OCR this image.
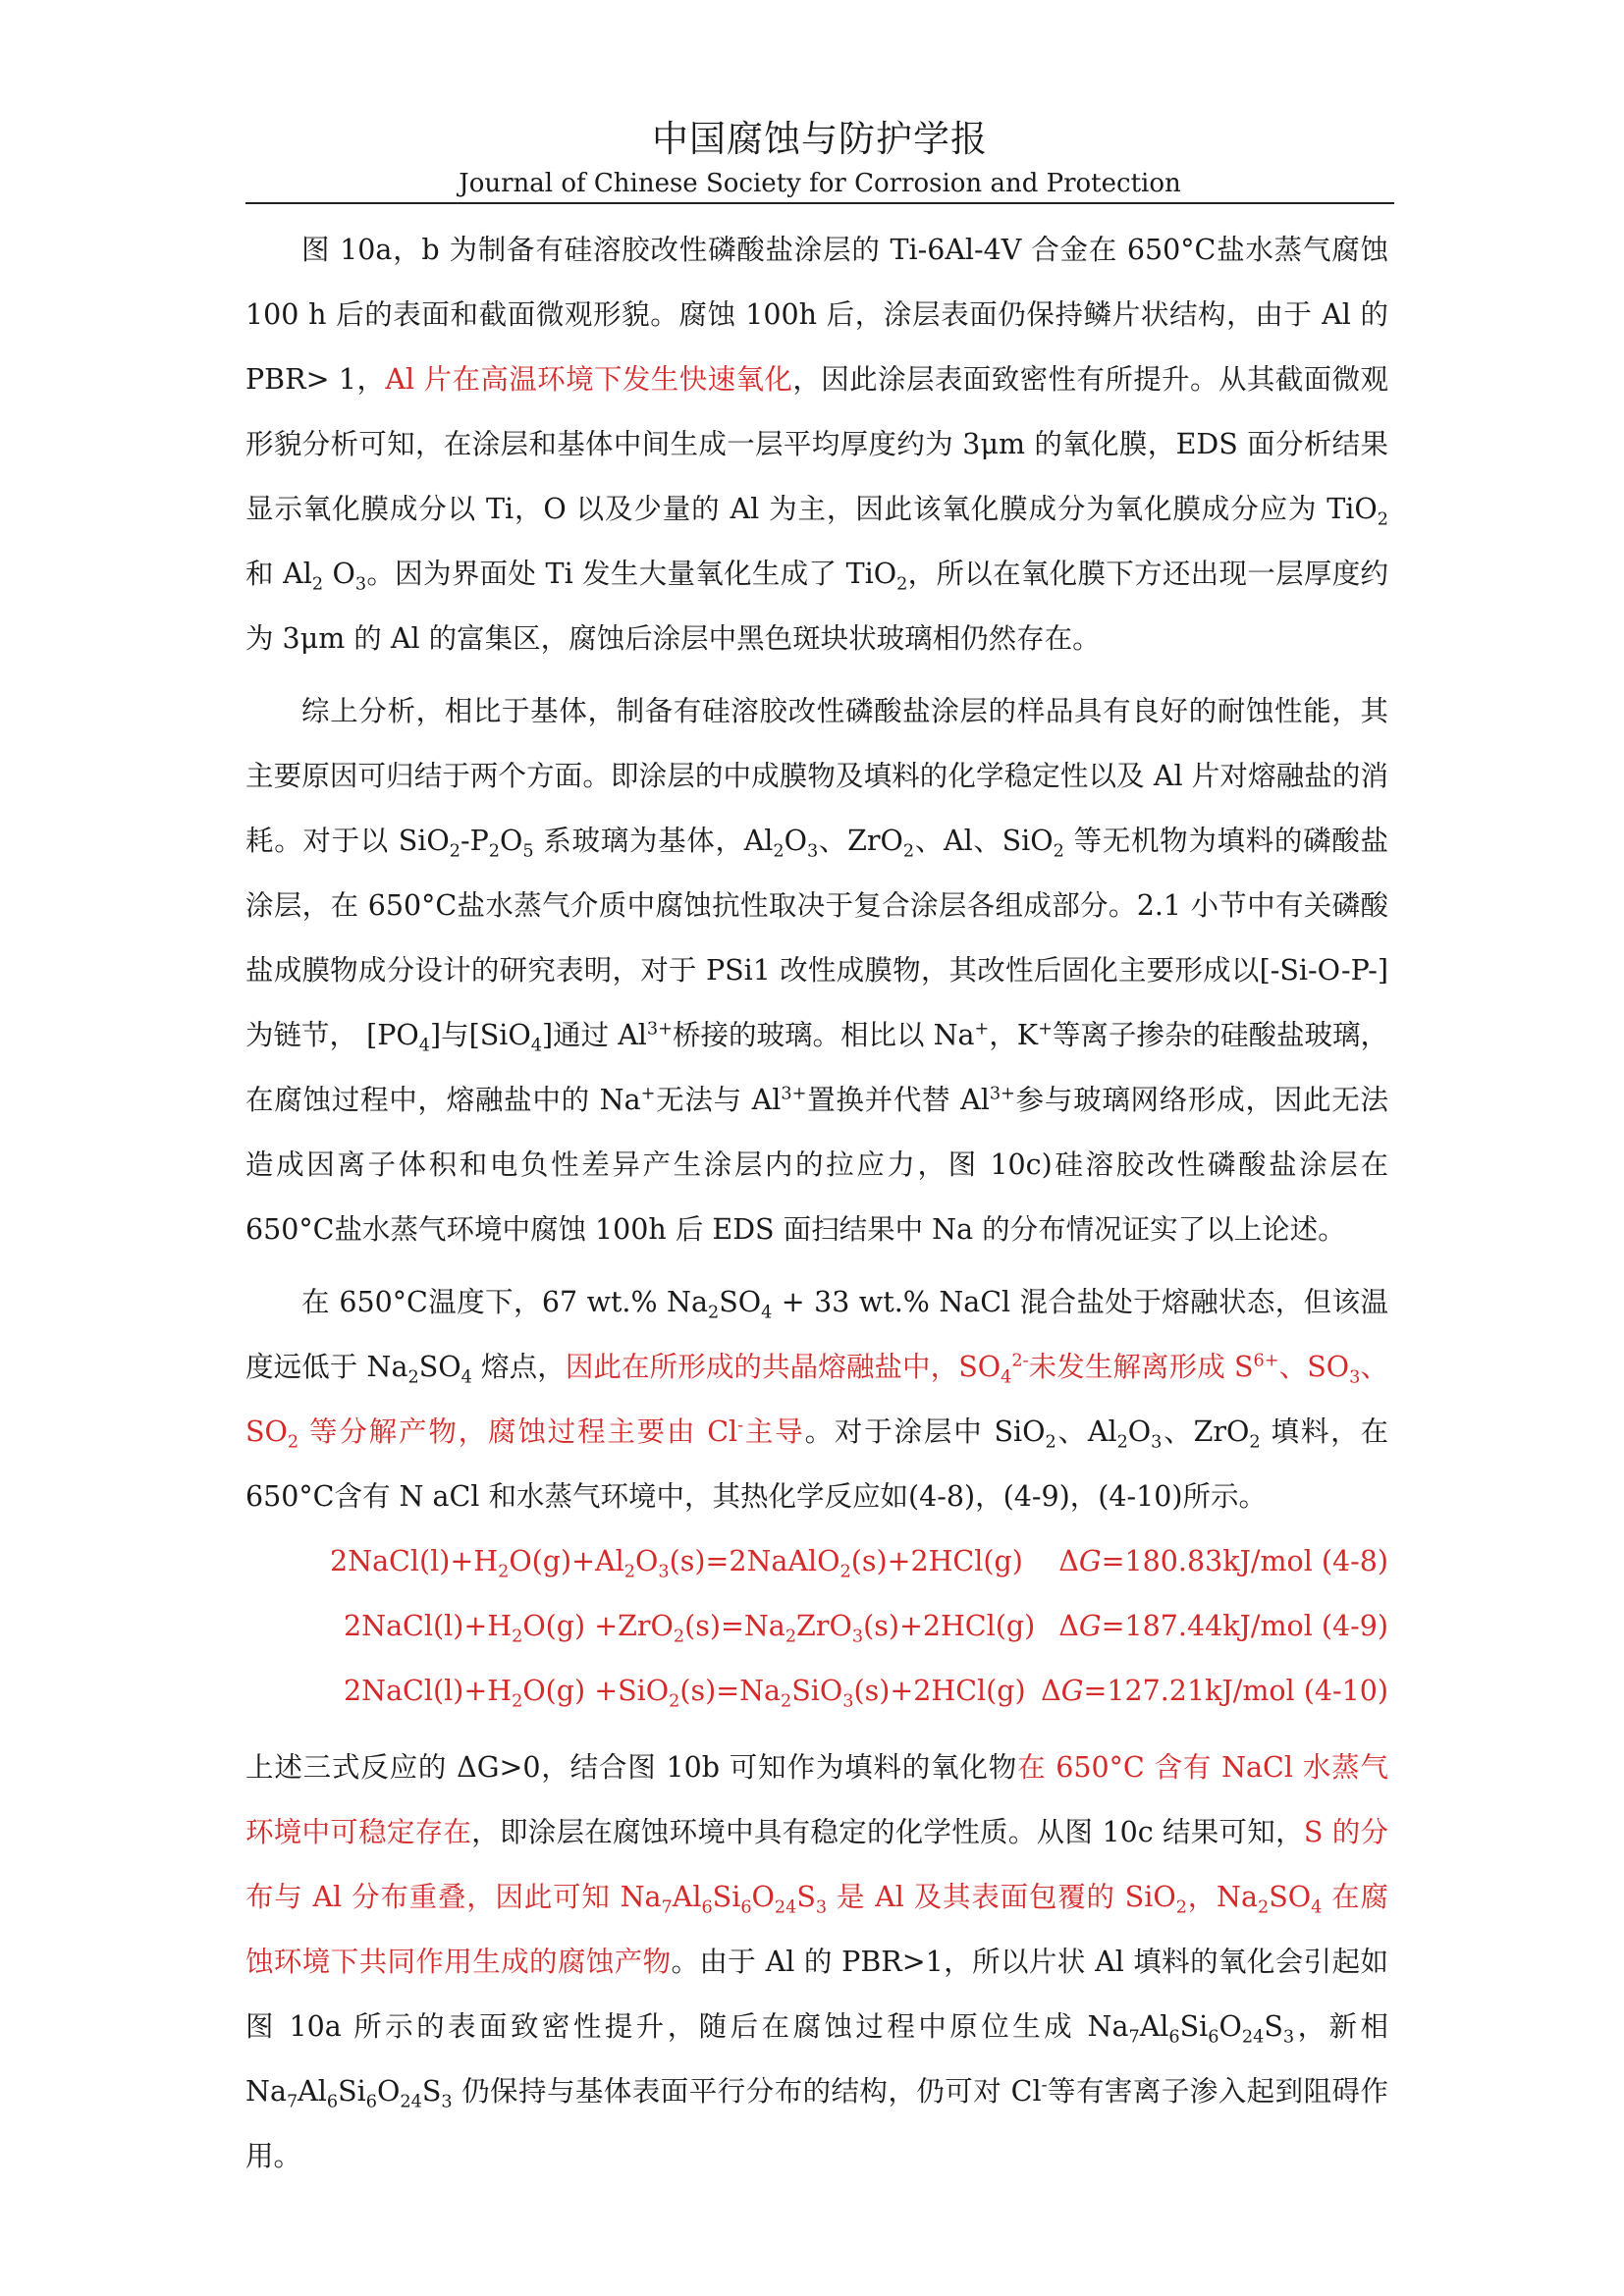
中国腐蚀与防护学报
Journal of Chinese Society for Corrosion and Protection

图 10a，b 为制备有硅溶胶改性磷酸盐涂层的 Ti-6Al-4V 合金在 650°C盐水蒸气腐蚀 100 h 后的表面和截面微观形貌。腐蚀 100h 后，涂层表面仍保持鳞片状结构，由于 Al 的 PBR> 1，Al 片在高温环境下发生快速氧化，因此涂层表面致密性有所提升。从其截面微观形貌分析可知，在涂层和基体中间生成一层平均厚度约为 3μm 的氧化膜，EDS 面分析结果显示氧化膜成分以 Ti，O 以及少量的 Al 为主，因此该氧化膜成分为氧化膜成分应为 TiO$_2$ 和 $Al_2$ $O_3$。因为界面处 Ti 发生大量氧化生成了 TiO$_2$，所以在氧化膜下方还出现一层厚度约为 3μm 的 Al 的富集区，腐蚀后涂层中黑色斑块状玻璃相仍然存在。

综上分析，相比于基体，制备有硅溶胶改性磷酸盐涂层的样品具有良好的耐蚀性能，其主要原因可归结于两个方面。即涂层的中成膜物及填料的化学稳定性以及 Al 片对熔融盐的消耗。对于以 $SiO_2-P_2O_5$ 系玻璃为基体，$Al_2O_3$、ZrO$_2$、Al、SiO$_2$ 等无机物为填料的磷酸盐涂层，在 650°C盐水蒸气介质中腐蚀抗性取决于复合涂层各组成部分。2.1 小节中有关磷酸盐成膜物成分设计的研究表明，对于 PSi1 改性成膜物，其改性后固化主要形成以[-Si-O-P-]为链节， $[PO_4]$与[SiO$_4$]通过 $Al^{3+}$桥接的玻璃。相比以 Na+，K+等离子掺杂的硅酸盐玻璃，在腐蚀过程中，熔融盐中的 Na+无法与 $Al^{3+}$置换并代替 $Al^{3+}$参与玻璃网络形成，因此无法造成因离子体积和电负性差异产生涂层内的拉应力，图 10c)硅溶胶改性磷酸盐涂层在 650°C盐水蒸气环境中腐蚀 100h 后 EDS 面扫结果中 Na 的分布情况证实了以上论述。

在 650°C温度下，67 wt.% $Na_2SO_4 + 33$ wt.% NaCl 混合盐处于熔融状态，但该温度远低于 $Na_2SO_4$ 熔点，因此在所形成的共晶熔融盐中，$SO_4^{2-}$未发生解离形成 $S^{6+}$、$SO_3$、$SO_2$ 等分解产物，腐蚀过程主要由 Cl-主导。对于涂层中 SiO$_2$、$Al_2O_3$、ZrO$_2$ 填料，在 650°C含有 N aCl 和水蒸气环境中，其热化学反应如(4-8)，(4-9)，(4-10)所示。

$2NaCl(l)+H_2O(g)+Al_2O_3(s)=2NaAlO_2(s)+2HCl(g)$ ΔG=180.83kJ/mol (4-8)
$2NaCl(l)+H_2O(g) +ZrO_2(s)=Na_2ZrO_3(s)+2HCl(g)$ ΔG=187.44kJ/mol (4-9)
$2NaCl(l)+H_2O(g) +SiO_2(s)=Na_2SiO_3(s)+2HCl(g)$ ΔG=127.21kJ/mol (4-10)

上述三式反应的 ΔG>0，结合图 10b 可知作为填料的氧化物在 650°C 含有 NaCl 水蒸气环境中可稳定存在，即涂层在腐蚀环境中具有稳定的化学性质。从图 10c 结果可知，S 的分布与 Al 分布重叠，因此可知 $Na_7Al_6Si_6O_{24}S_3$ 是 Al 及其表面包覆的 SiO$_2$，$Na_2SO_4$ 在腐蚀环境下共同作用生成的腐蚀产物。由于 Al 的 PBR>1，所以片状 Al 填料的氧化会引起如图 10a 所示的表面致密性提升，随后在腐蚀过程中原位生成 $Na_7Al_6Si_6O_{24}S_3$，新相 $Na_7Al_6Si_6O_{24}S_3$ 仍保持与基体表面平行分布的结构，仍可对 Cl-等有害离子渗入起到阻碍作用。
